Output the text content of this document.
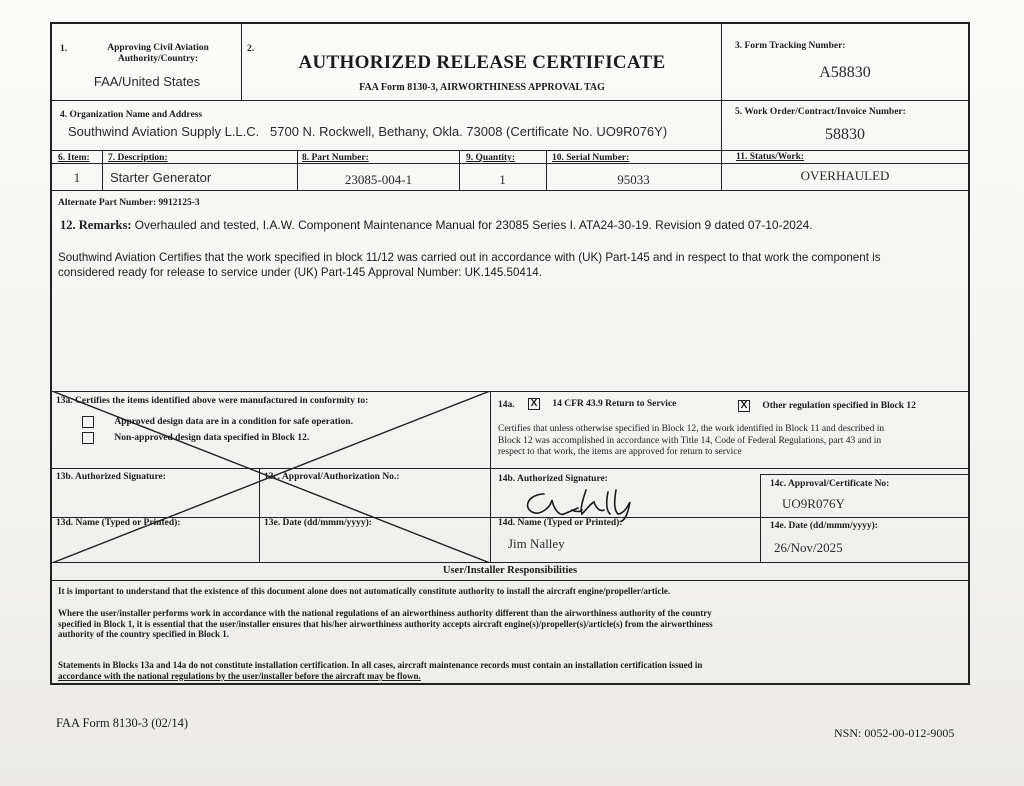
1.	Approving Civil Aviation Authority/Country:
FAA/United States
2.
AUTHORIZED RELEASE CERTIFICATE
FAA Form 8130-3, AIRWORTHINESS APPROVAL TAG
3. Form Tracking Number:
A58830
4. Organization Name and Address
Southwind Aviation Supply L.L.C. 5700 N. Rockwell, Bethany, Okla. 73008 (Certificate No. UO9R076Y)
5. Work Order/Contract/Invoice Number:
58830
6. Item: 7. Description:	8. Part Number:	9. Quantity:	10. Serial Number:	11. Status/Work:
1	Starter Generator	23085-004-1	1	95033	OVERHAULED
Alternate Part Number: 9912125-3
12. Remarks: Overhauled and tested, I.A.W. Component Maintenance Manual for 23085 Series I. ATA24-30-19. Revision 9 dated 07-10-2024.
Southwind Aviation Certifies that the work specified in block 11/12 was carried out in accordance with (UK) Part-145 and in respect to that work the component is
considered ready for release to service under (UK) Part-145 Approval Number: UK.145.50414.
13a. Certifies the items identified above were manufactured in conformity to:
Approved design data are in a condition for safe operation.
Non-approved design data specified in Block 12.
13b. Authorized Signature:	13c. Approval/Authorization No.:
13d. Name (Typed or Printed):	13e. Date (dd/mmm/yyyy):
14a. X 14 CFR 43.9 Return to Service	X Other regulation specified in Block 12
Certifies that unless otherwise specified in Block 12, the work identified in Block 11 and described in
Block 12 was accomplished in accordance with Title 14, Code of Federal Regulations, part 43 and in
respect to that work, the items are approved for return to service
14b. Authorized Signature:	14c. Approval/Certificate No:
UO9R076Y
14d. Name (Typed or Printed):
Jim Nalley
14e. Date (dd/mmm/yyyy):
26/Nov/2025
User/Installer Responsibilities
It is important to understand that the existence of this document alone does not automatically constitute authority to install the aircraft engine/propeller/article.
Where the user/installer performs work in accordance with the national regulations of an airworthiness authority different than the airworthiness authority of the country
specified in Block 1, it is essential that the user/installer ensures that his/her airworthiness authority accepts aircraft engine(s)/propeller(s)/article(s) from the airworthiness
authority of the country specified in Block 1.
Statements in Blocks 13a and 14a do not constitute installation certification. In all cases, aircraft maintenance records must contain an installation certification issued in
accordance with the national regulations by the user/installer before the aircraft may be flown.
FAA Form 8130-3 (02/14)
NSN: 0052-00-012-9005
